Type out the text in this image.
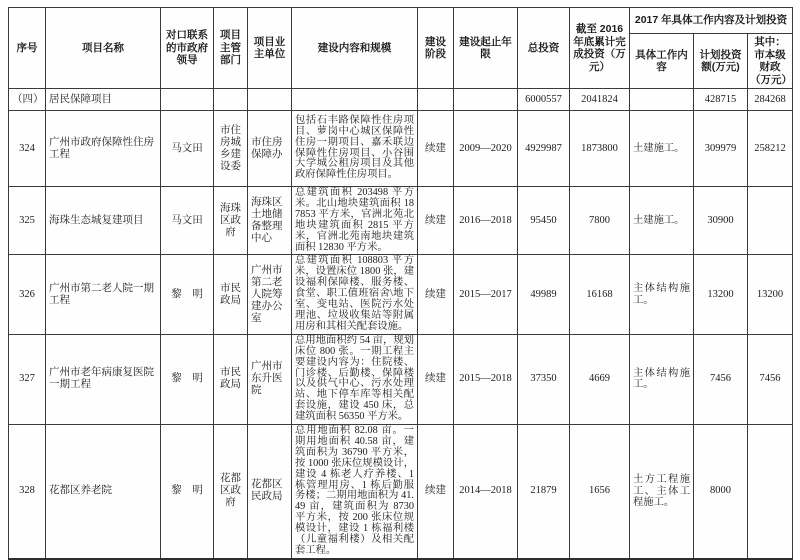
序号	项目名称	对口联系的市政府领导	项目主管部门	项目业主单位	建设内容和规模	建设阶段	建设起止年限	总投资	截至 2016 年底累计完成投资（万元）	2017 年具体工作内容及计划投资		
										具体工作内容	计划投资额(万元)	其中：市本级财政（万元）
（四）	居民保障项目							6000557	2041824		428715	284268
324	广州市政府保障性住房工程	马文田	市住房城乡建设委	市住房保障办	包括石丰路保障性住房项目、萝岗中心城区保障性住房一期项目、嘉禾联边保障性住房项目、小谷围大学城公租房项目及其他政府保障性住房项目。	续建	2009—2020	4929987	1873800	土建施工。	309979	258212
325	海珠生态城复建项目	马文田	海珠区政府	海珠区土地储备整理中心	总建筑面积 203498 平方米。北山地块建筑面积 187853 平方米，官洲北苑北地块建筑面积 2815 平方米，官洲北苑南地块建筑面积 12830 平方米。	续建	2016—2018	95450	7800	土建施工。	30900	
326	广州市第二老人院一期工程	黎　明	市民政局	广州市第二老人院筹建办公室	总建筑面积 108803 平方米，设置床位 1800 张，建设福利保障楼、服务楼、食堂、职工值班宿舍\地下室、变电站、医院污水处理池、垃圾收集站等附属用房和其相关配套设施。	续建	2015—2017	49989	16168	主体结构施工。	13200	13200
327	广州市老年病康复医院一期工程	黎　明	市民政局	广州市东升医院	总用地面积约 54 亩，规划床位 800 张。一期工程主要建设内容为：住院楼、门诊楼、后勤楼、保障楼以及供气中心、污水处理站、地下停车库等相关配套设施，建设 450 床，总建筑面积 56350 平方米。	续建	2015—2018	37350	4669	主体结构施工。	7456	7456
328	花都区养老院	黎　明	花都区政府	花都区民政局	总用地面积 82.08 亩。一期用地面积 40.58 亩，建筑面积为 36790 平方米，按 1000 张床位规模设计，建设 4 栋老人疗养楼、1 栋管理用房、1 栋后勤服务楼；二期用地面积为 41.49 亩，建筑面积为 8730 平方米，按 200 张床位规模设计，建设 1 栋福利楼（儿童福利楼）及相关配套工程。	续建	2014—2018	21879	1656	土方工程施工、主体工程施工。	8000	
